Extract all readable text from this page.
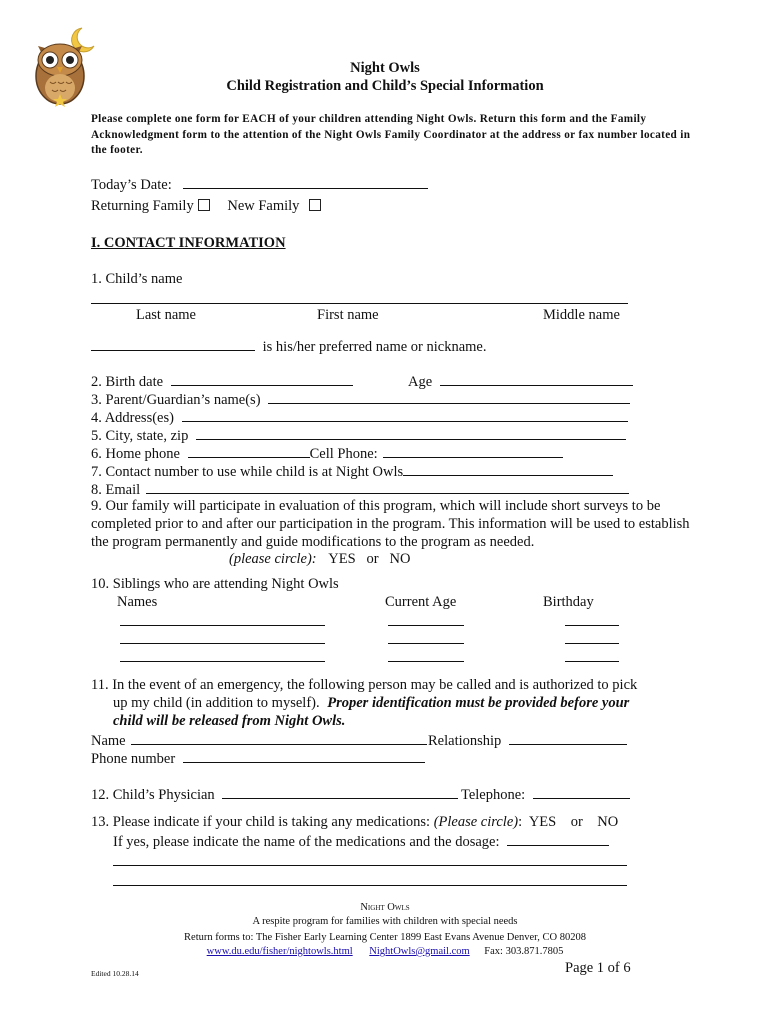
Night Owls
Child Registration and Child’s Special Information
Please complete one form for EACH of your children attending Night Owls. Return this form and the Family Acknowledgment form to the attention of the Night Owls Family Coordinator at the address or fax number located in the footer.
Today’s Date:
Returning Family New Family
I. CONTACT INFORMATION
1. Child’s name
Last name	First name	Middle name
is his/her preferred name or nickname.
2. Birth date	Age
3. Parent/Guardian’s name(s)
4. Address(es)
5. City, state, zip
6. Home phone	Cell Phone:
7. Contact number to use while child is at Night Owls
8. Email
9. Our family will participate in evaluation of this program, which will include short surveys to be completed prior to and after our participation in the program. This information will be used to establish the program permanently and guide modifications to the program as needed.
(please circle): YES   or   NO
10. Siblings who are attending Night Owls
Names	Current Age	Birthday
11. In the event of an emergency, the following person may be called and is authorized to pick
up my child (in addition to myself). Proper identification must be provided before your
child will be released from Night Owls.
Name	Relationship
Phone number
12. Child’s Physician	Telephone:
13. Please indicate if your child is taking any medications: (Please circle):  YES    or    NO
If yes, please indicate the name of the medications and the dosage:
Night Owls
A respite program for families with children with special needs
Return forms to: The Fisher Early Learning Center 1899 East Evans Avenue Denver, CO 80208
www.du.edu/fisher/nightowls.html NightOwls@gmail.com Fax: 303.871.7805
Edited 10.28.14	Page 1 of 6
